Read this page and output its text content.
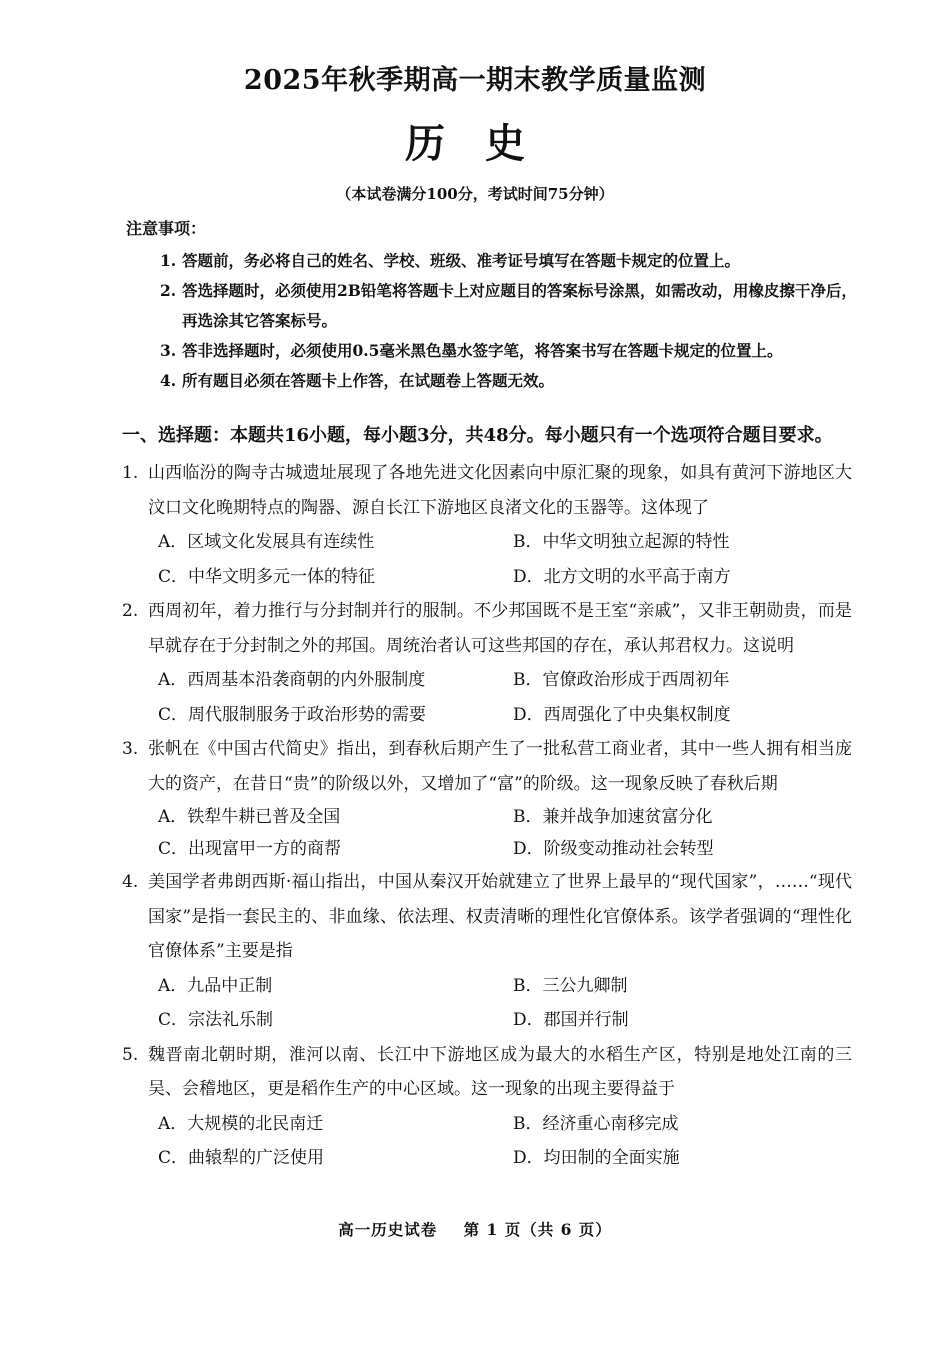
2025年秋季期高一期末教学质量监测
历史
（本试卷满分100分，考试时间75分钟）
注意事项：
1. 答题前，务必将自己的姓名、学校、班级、准考证号填写在答题卡规定的位置上。
2. 答选择题时，必须使用2B铅笔将答题卡上对应题目的答案标号涂黑，如需改动，用橡皮擦干净后，再选涂其它答案标号。
3. 答非选择题时，必须使用0.5毫米黑色墨水签字笔，将答案书写在答题卡规定的位置上。
4. 所有题目必须在答题卡上作答，在试题卷上答题无效。
一、选择题：本题共16小题，每小题3分，共48分。每小题只有一个选项符合题目要求。
1. 山西临汾的陶寺古城遗址展现了各地先进文化因素向中原汇聚的现象，如具有黄河下游地区大汶口文化晚期特点的陶器、源自长江下游地区良渚文化的玉器等。这体现了
A．区域文化发展具有连续性	B．中华文明独立起源的特性
C．中华文明多元一体的特征	D．北方文明的水平高于南方
2. 西周初年，着力推行与分封制并行的服制。不少邦国既不是王室“亲戚”，又非王朝勋贵，而是早就存在于分封制之外的邦国。周统治者认可这些邦国的存在，承认邦君权力。这说明
A．西周基本沿袭商朝的内外服制度	B．官僚政治形成于西周初年
C．周代服制服务于政治形势的需要	D．西周强化了中央集权制度
3. 张帆在《中国古代简史》指出，到春秋后期产生了一批私营工商业者，其中一些人拥有相当庞大的资产，在昔日“贵”的阶级以外，又增加了“富”的阶级。这一现象反映了春秋后期
A．铁犁牛耕已普及全国	B．兼并战争加速贫富分化
C．出现富甲一方的商帮	D．阶级变动推动社会转型
4. 美国学者弗朗西斯·福山指出，中国从秦汉开始就建立了世界上最早的“现代国家”，……“现代国家”是指一套民主的、非血缘、依法理、权责清晰的理性化官僚体系。该学者强调的“理性化官僚体系”主要是指
A．九品中正制	B．三公九卿制
C．宗法礼乐制	D．郡国并行制
5. 魏晋南北朝时期，淮河以南、长江中下游地区成为最大的水稻生产区，特别是地处江南的三吴、会稽地区，更是稻作生产的中心区域。这一现象的出现主要得益于
A．大规模的北民南迁	B．经济重心南移完成
C．曲辕犁的广泛使用	D．均田制的全面实施
高一历史试卷 第 1 页（共 6 页）
